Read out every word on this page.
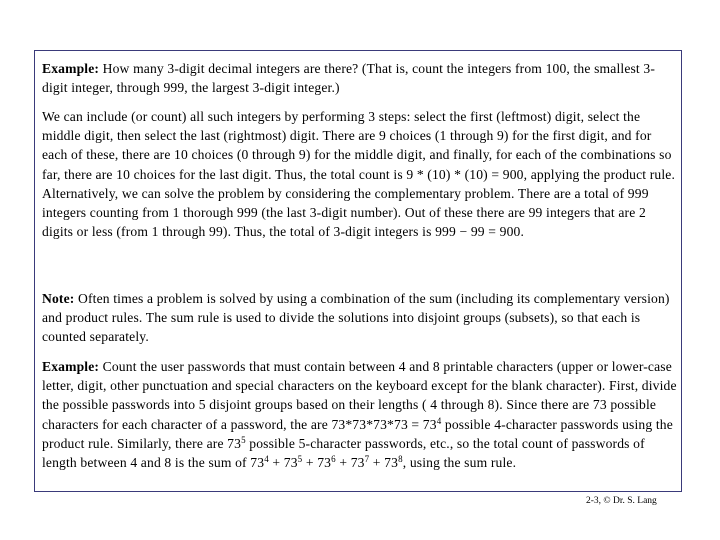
Example: How many 3-digit decimal integers are there? (That is, count the integers from 100, the smallest 3-digit integer, through 999, the largest 3-digit integer.)

We can include (or count) all such integers by performing 3 steps: select the first (leftmost) digit, select the middle digit, then select the last (rightmost) digit. There are 9 choices (1 through 9) for the first digit, and for each of these, there are 10 choices (0 through 9) for the middle digit, and finally, for each of the combinations so far, there are 10 choices for the last digit. Thus, the total count is 9 * (10) * (10) = 900, applying the product rule.
Alternatively, we can solve the problem by considering the complementary problem. There are a total of 999 integers counting from 1 thorough 999 (the last 3-digit number). Out of these there are 99 integers that are 2 digits or less (from 1 through 99). Thus, the total of 3-digit integers is 999 − 99 = 900.

Note: Often times a problem is solved by using a combination of the sum (including its complementary version) and product rules. The sum rule is used to divide the solutions into disjoint groups (subsets), so that each is counted separately.

Example: Count the user passwords that must contain between 4 and 8 printable characters (upper or lower-case letter, digit, other punctuation and special characters on the keyboard except for the blank character). First, divide the possible passwords into 5 disjoint groups based on their lengths ( 4 through 8). Since there are 73 possible characters for each character of a password, the are $73*73*73*73 = 73^4$ possible 4-character passwords using the product rule. Similarly, there are $73^5$ possible 5-character passwords, etc., so the total count of passwords of length between 4 and 8 is the sum of $73^4 + 73^5 + 73^6 + 73^7 + 73^8$, using the sum rule.

2-3, © Dr. S. Lang
